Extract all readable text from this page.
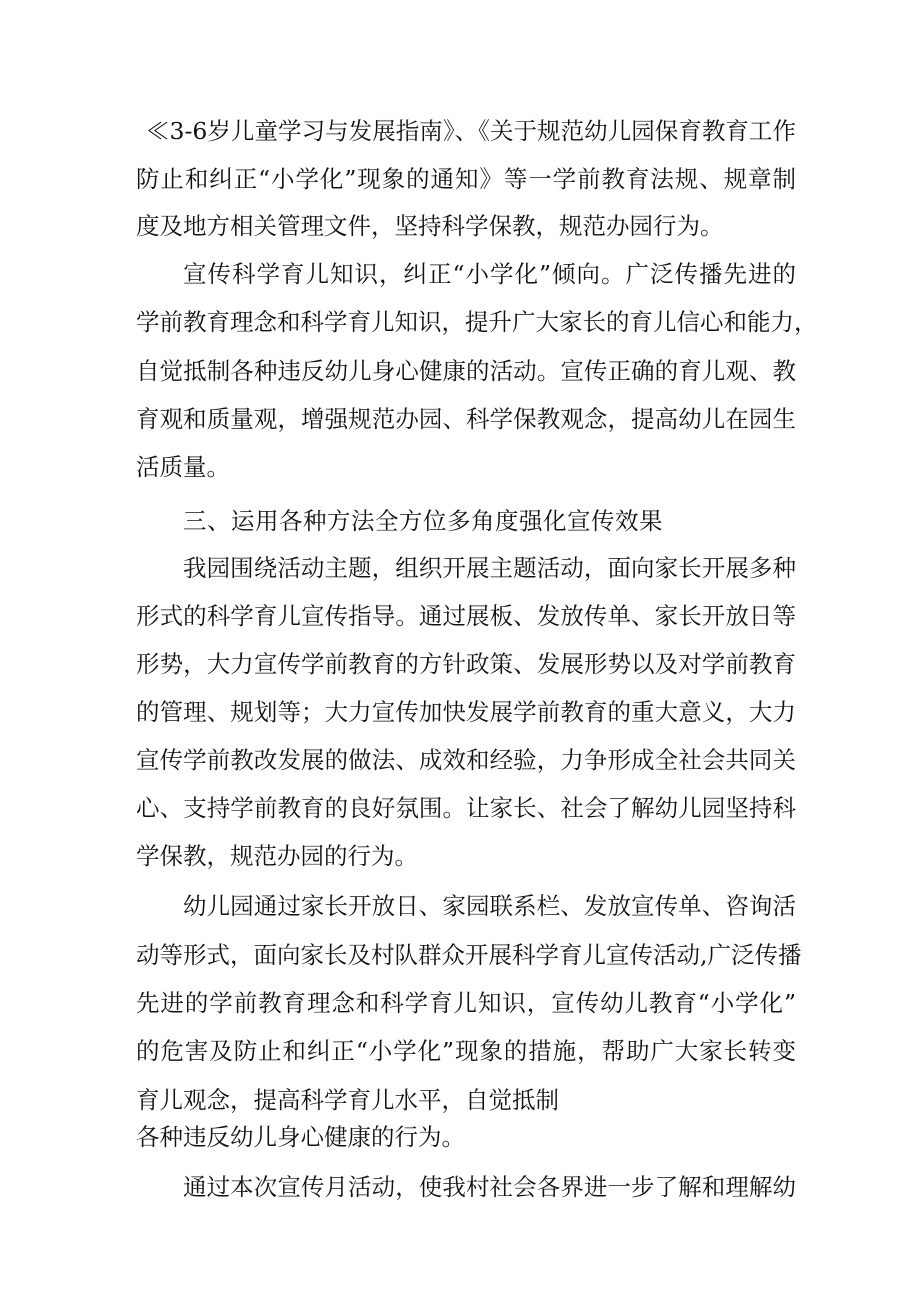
≪3-6岁儿童学习与发展指南》、《关于规范幼儿园保育教育工作
防止和纠正“小学化”现象的通知》等一学前教育法规、规章制
度及地方相关管理文件，坚持科学保教，规范办园行为。
宣传科学育儿知识，纠正“小学化”倾向。广泛传播先进的
学前教育理念和科学育儿知识，提升广大家长的育儿信心和能力，
自觉抵制各种违反幼儿身心健康的活动。宣传正确的育儿观、教
育观和质量观，增强规范办园、科学保教观念，提高幼儿在园生
活质量。
三、运用各种方法全方位多角度强化宣传效果
我园围绕活动主题，组织开展主题活动，面向家长开展多种
形式的科学育儿宣传指导。通过展板、发放传单、家长开放日等
形势，大力宣传学前教育的方针政策、发展形势以及对学前教育
的管理、规划等；大力宣传加快发展学前教育的重大意义，大力
宣传学前教改发展的做法、成效和经验，力争形成全社会共同关
心、支持学前教育的良好氛围。让家长、社会了解幼儿园坚持科
学保教，规范办园的行为。
幼儿园通过家长开放日、家园联系栏、发放宣传单、咨询活
动等形式，面向家长及村队群众开展科学育儿宣传活动,广泛传播
先进的学前教育理念和科学育儿知识，宣传幼儿教育“小学化”
的危害及防止和纠正“小学化”现象的措施，帮助广大家长转变
育儿观念，提高科学育儿水平，自觉抵制
各种违反幼儿身心健康的行为。
通过本次宣传月活动，使我村社会各界进一步了解和理解幼
